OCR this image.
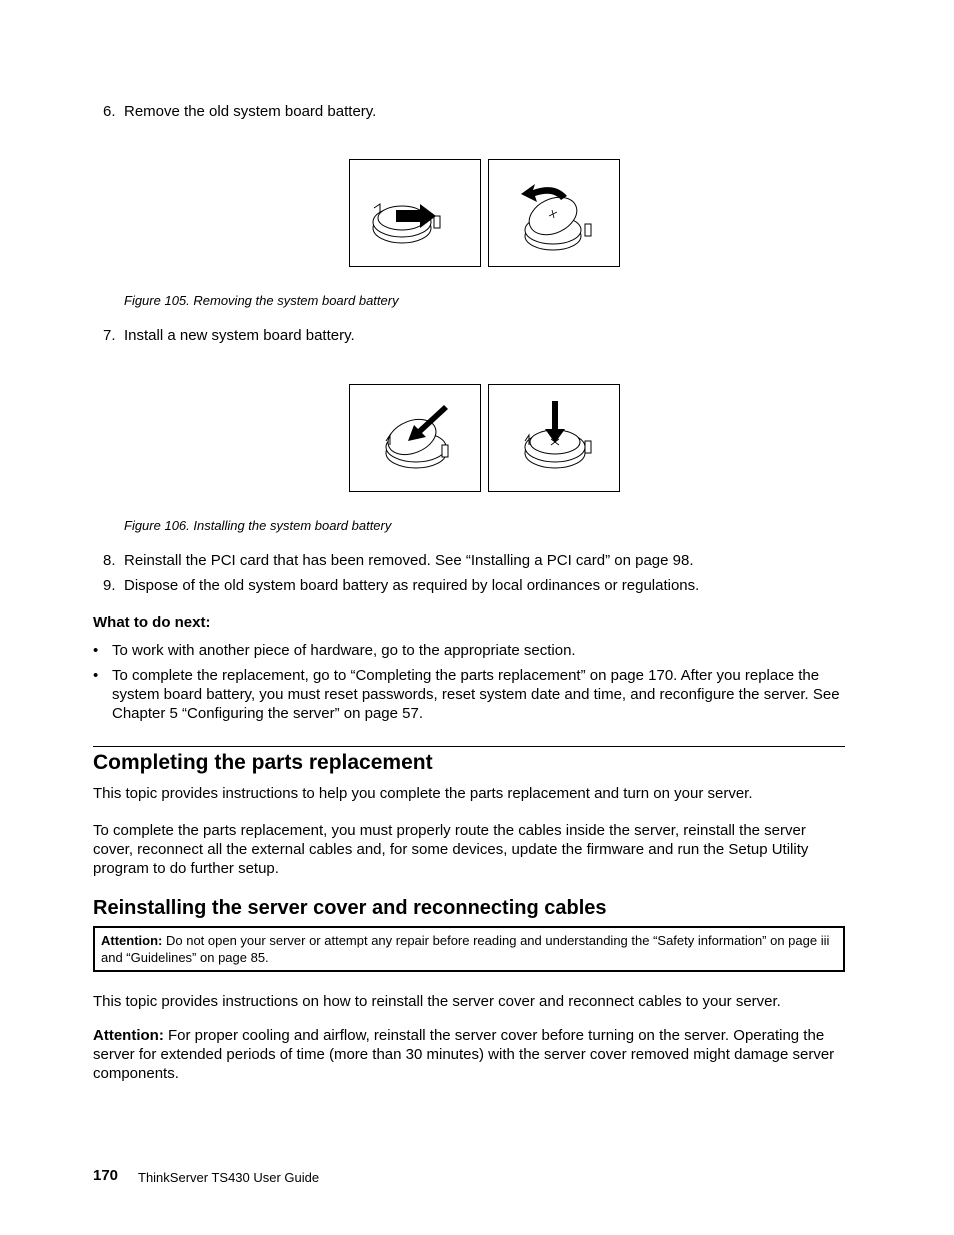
6. Remove the old system board battery.
Figure 105. Removing the system board battery
7. Install a new system board battery.
Figure 106. Installing the system board battery
8. Reinstall the PCI card that has been removed. See “Installing a PCI card” on page 98.
9. Dispose of the old system board battery as required by local ordinances or regulations.
What to do next:
• To work with another piece of hardware, go to the appropriate section.
• To complete the replacement, go to “Completing the parts replacement” on page 170. After you replace the system board battery, you must reset passwords, reset system date and time, and reconfigure the server. See Chapter 5 “Configuring the server” on page 57.
Completing the parts replacement
This topic provides instructions to help you complete the parts replacement and turn on your server.
To complete the parts replacement, you must properly route the cables inside the server, reinstall the server cover, reconnect all the external cables and, for some devices, update the firmware and run the Setup Utility program to do further setup.
Reinstalling the server cover and reconnecting cables
Attention: Do not open your server or attempt any repair before reading and understanding the “Safety information” on page iii and “Guidelines” on page 85.
This topic provides instructions on how to reinstall the server cover and reconnect cables to your server.
Attention: For proper cooling and airflow, reinstall the server cover before turning on the server. Operating the server for extended periods of time (more than 30 minutes) with the server cover removed might damage server components.
170 ThinkServer TS430 User Guide
